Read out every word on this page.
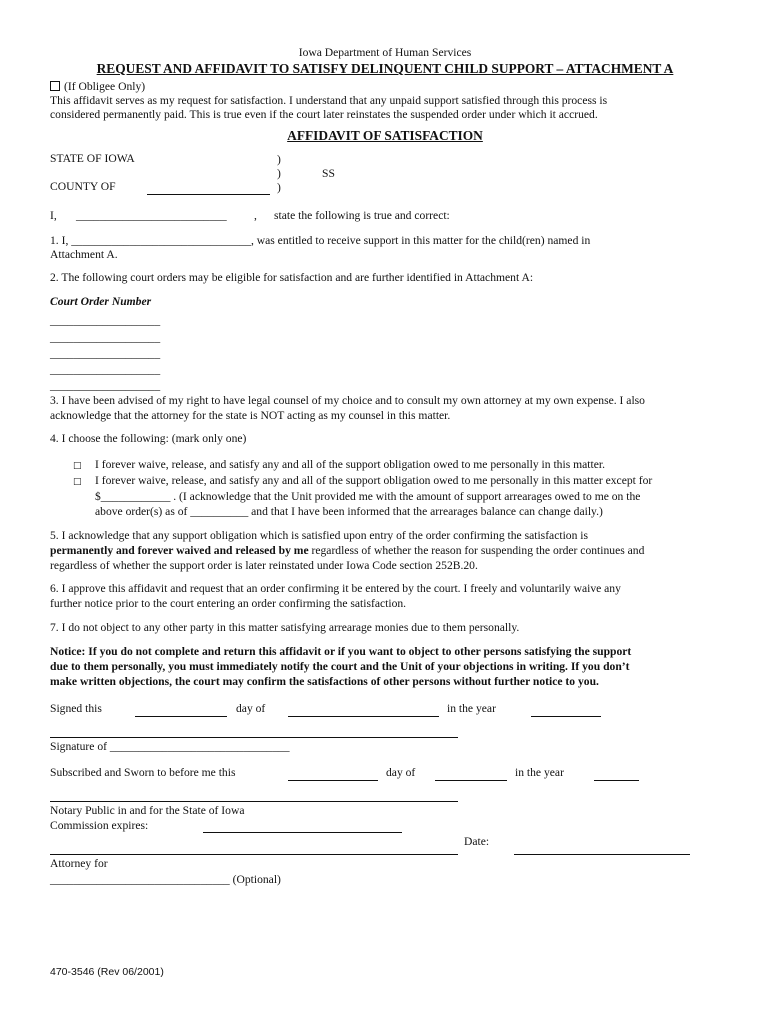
Iowa Department of Human Services
REQUEST AND AFFIDAVIT TO SATISFY DELINQUENT CHILD SUPPORT – ATTACHMENT A
(If Obligee Only)
This affidavit serves as my request for satisfaction. I understand that any unpaid support satisfied through this process is
considered permanently paid. This is true even if the court later reinstates the suspended order under which it accrued.
AFFIDAVIT OF SATISFACTION
STATE OF IOWA	)
)	SS
)
COUNTY OF
I, __________________________ , state the following is true and correct:
1. I, _______________________________, was entitled to receive support in this matter for the child(ren) named in
Attachment A.
2. The following court orders may be eligible for satisfaction and are further identified in Attachment A:
Court Order Number
___________________
___________________
___________________
___________________
___________________
3. I have been advised of my right to have legal counsel of my choice and to consult my own attorney at my own expense. I also
acknowledge that the attorney for the state is NOT acting as my counsel in this matter.
4. I choose the following: (mark only one)
□ I forever waive, release, and satisfy any and all of the support obligation owed to me personally in this matter.
□ I forever waive, release, and satisfy any and all of the support obligation owed to me personally in this matter except for
$____________ . (I acknowledge that the Unit provided me with the amount of support arrearages owed to me on the
above order(s) as of __________ and that I have been informed that the arrearages balance can change daily.)
5. I acknowledge that any support obligation which is satisfied upon entry of the order confirming the satisfaction is
permanently and forever waived and released by me regardless of whether the reason for suspending the order continues and
regardless of whether the support order is later reinstated under Iowa Code section 252B.20.
6. I approve this affidavit and request that an order confirming it be entered by the court. I freely and voluntarily waive any
further notice prior to the court entering an order confirming the satisfaction.
7. I do not object to any other party in this matter satisfying arrearage monies due to them personally.
Notice: If you do not complete and return this affidavit or if you want to object to other persons satisfying the support
due to them personally, you must immediately notify the court and the Unit of your objections in writing. If you don’t
make written objections, the court may confirm the satisfactions of other persons without further notice to you.
Signed this	day of	in the year
Signature of _______________________________
Subscribed and Sworn to before me this	day of	in the year
Notary Public in and for the State of Iowa
Commission expires:
Date:
Attorney for
_______________________________ (Optional)
470-3546 (Rev 06/2001)
